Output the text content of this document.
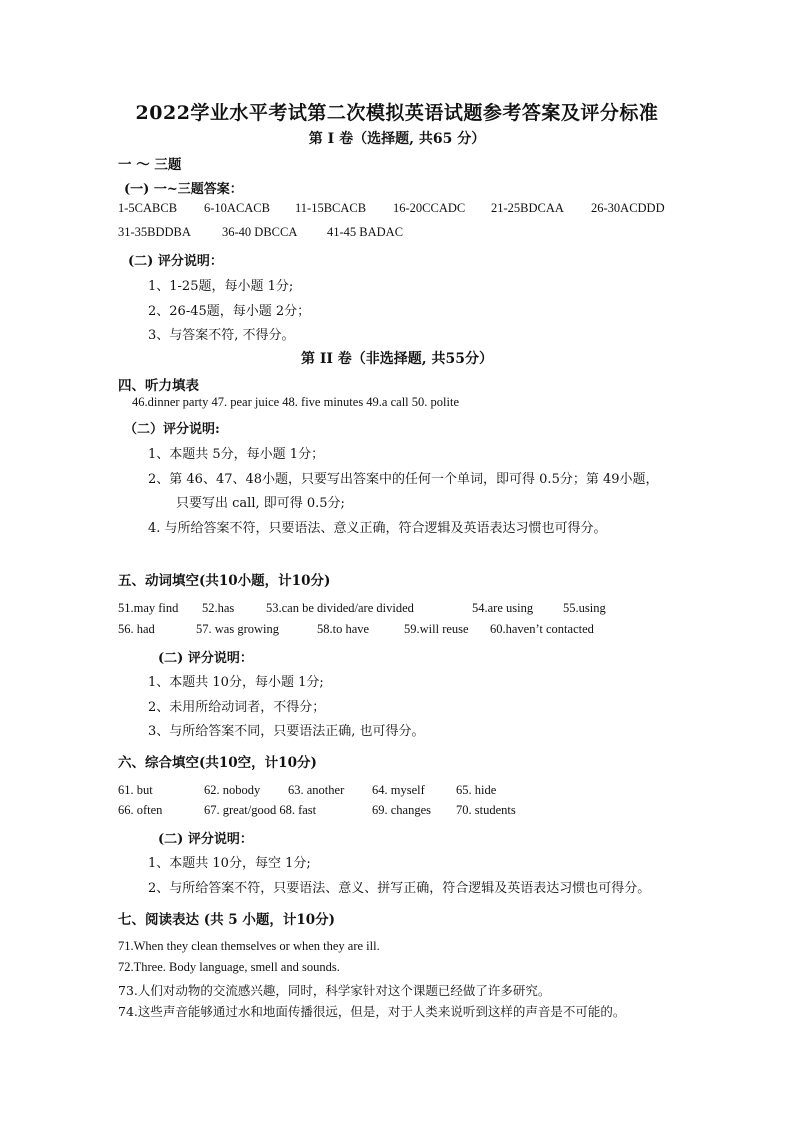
2022学业水平考试第二次模拟英语试题参考答案及评分标准
第 I 卷（选择题, 共65 分）
一 ～ 三题
(一) 一~三题答案：
1-5CABCB 6-10ACACB 11-15BCACB 16-20CCADC 21-25BDCAA 26-30ACDDD
31-35BDDBA 36-40 DBCCA 41-45 BADAC
(二) 评分说明：
1、1-25题，每小题 1分;
2、26-45题，每小题 2分；
3、与答案不符, 不得分。
第 II 卷（非选择题, 共55分）
四、听力填表
46.dinner party 47. pear juice 48. five minutes 49.a call 50. polite
（二）评分说明:
1、本题共 5分，每小题 1分；
2、第 46、47、48小题，只要写出答案中的任何一个单词，即可得 0.5分；第 49小题，
只要写出 call, 即可得 0.5分;
4. 与所给答案不符，只要语法、意义正确，符合逻辑及英语表达习惯也可得分。
五、动词填空(共10小题，计10分)
51.may find 52.has	53.can be divided/are divided	54.are using 55.using
56. had	57. was growing	58.to have	59.will reuse 60.haven’t contacted
(二) 评分说明：
1、本题共 10分，每小题 1分;
2、未用所给动词者，不得分；
3、与所给答案不同，只要语法正确, 也可得分。
六、综合填空(共10空，计10分)
61. but	62. nobody 63. another 64. myself 65. hide
66. often	67. great/good 68. fast	69. changes 70. students
(二) 评分说明：
1、本题共 10分，每空 1分;
2、与所给答案不符，只要语法、意义、拼写正确，符合逻辑及英语表达习惯也可得分。
七、阅读表达 (共 5 小题，计10分)
71.When they clean themselves or when they are ill.
72.Three. Body language, smell and sounds.
73.人们对动物的交流感兴趣，同时，科学家针对这个课题已经做了许多研究。
74.这些声音能够通过水和地面传播很远，但是，对于人类来说听到这样的声音是不可能的。
